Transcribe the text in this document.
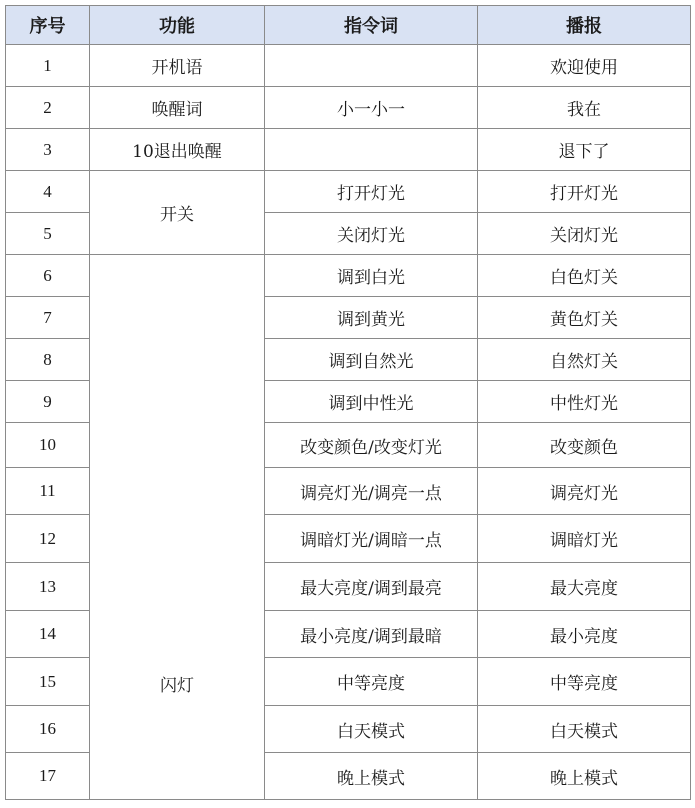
序号	功能	指令词	播报
1	开机语		欢迎使用
2	唤醒词	小一小一	我在
3	10退出唤醒		退下了
4	开关	打开灯光	打开灯光
5		关闭灯光	关闭灯光
6	闪灯	调到白光	白色灯关
7		调到黄光	黄色灯关
8		调到自然光	自然灯关
9		调到中性光	中性灯光
10		改变颜色/改变灯光	改变颜色
11		调亮灯光/调亮一点	调亮灯光
12		调暗灯光/调暗一点	调暗灯光
13		最大亮度/调到最亮	最大亮度
14		最小亮度/调到最暗	最小亮度
15		中等亮度	中等亮度
16		白天模式	白天模式
17		晚上模式	晚上模式
